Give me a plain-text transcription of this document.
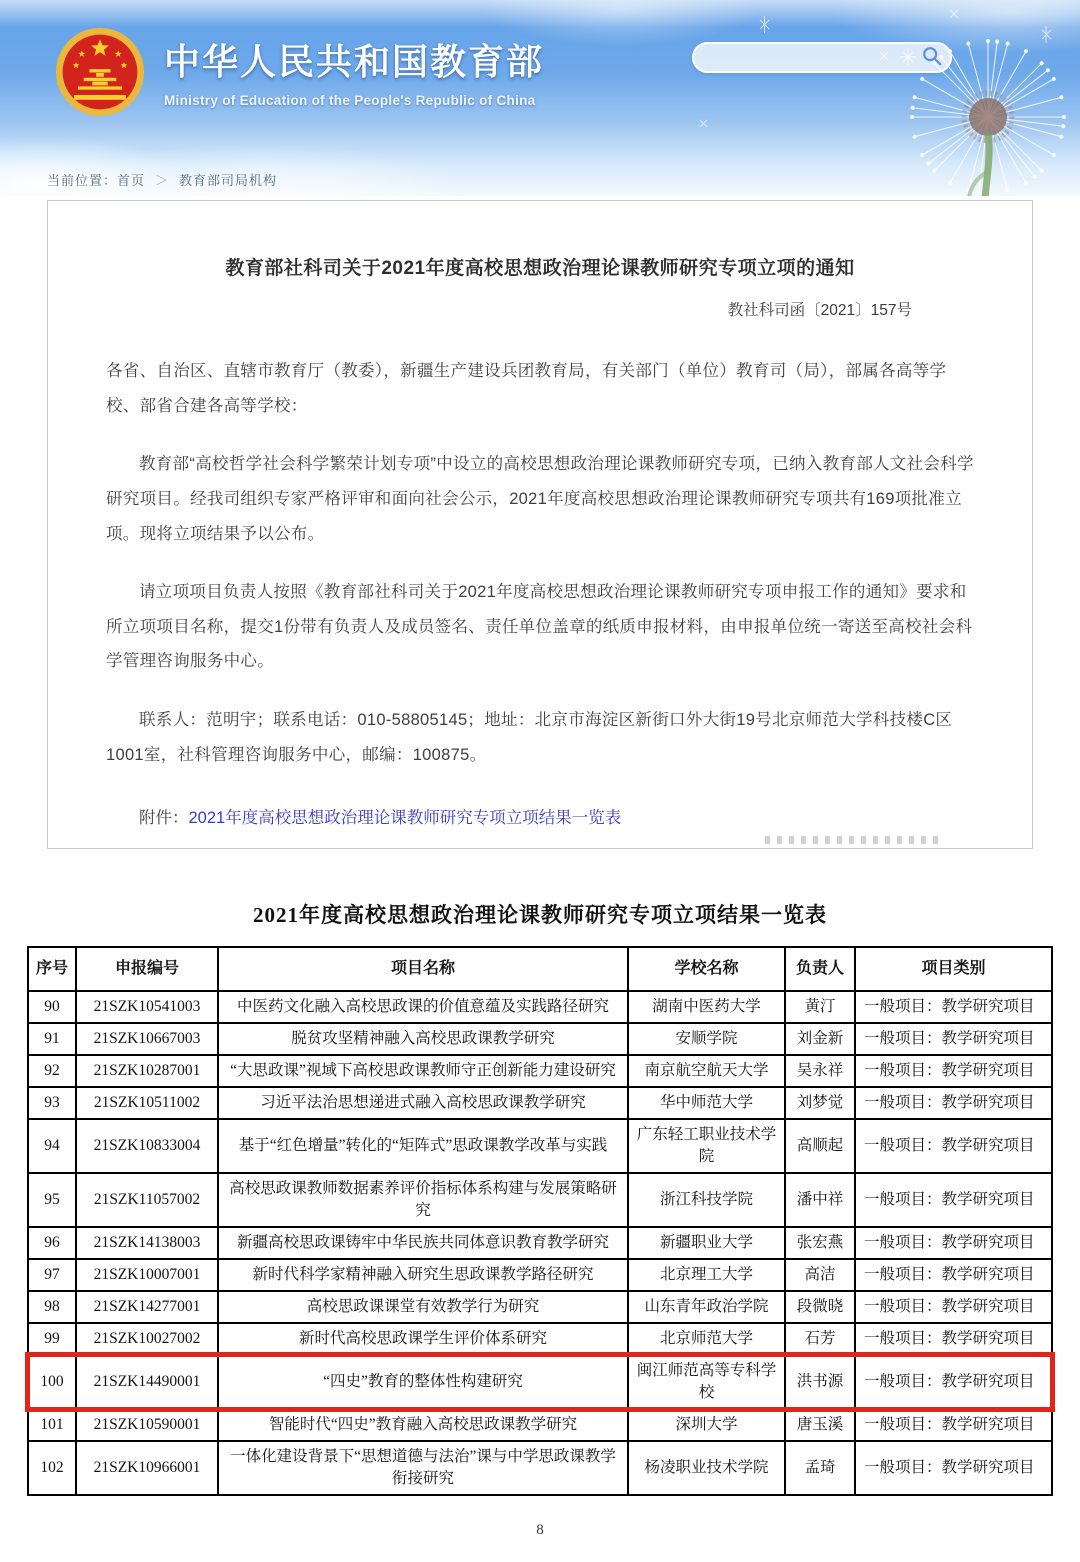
中华人民共和国教育部
Ministry of Education of the People's Republic of China
当前位置：首页 ＞ 教育部司局机构
教育部社科司关于2021年度高校思想政治理论课教师研究专项立项的通知
教社科司函〔2021〕157号
各省、自治区、直辖市教育厅（教委），新疆生产建设兵团教育局，有关部门（单位）教育司（局），部属各高等学校、部省合建各高等学校：

教育部“高校哲学社会科学繁荣计划专项”中设立的高校思想政治理论课教师研究专项，已纳入教育部人文社会科学研究项目。经我司组织专家严格评审和面向社会公示，2021年度高校思想政治理论课教师研究专项共有169项批准立项。现将立项结果予以公布。

请立项项目负责人按照《教育部社科司关于2021年度高校思想政治理论课教师研究专项申报工作的通知》要求和所立项项目名称，提交1份带有负责人及成员签名、责任单位盖章的纸质申报材料，由申报单位统一寄送至高校社会科学管理咨询服务中心。

联系人：范明宇；联系电话：010-58805145；地址：北京市海淀区新街口外大街19号北京师范大学科技楼C区1001室，社科管理咨询服务中心，邮编：100875。

附件：2021年度高校思想政治理论课教师研究专项立项结果一览表
2021年度高校思想政治理论课教师研究专项立项结果一览表
序号	申报编号	项目名称	学校名称	负责人	项目类别
90	21SZK10541003	中医药文化融入高校思政课的价值意蕴及实践路径研究	湖南中医药大学	黄汀	一般项目：教学研究项目
91	21SZK10667003	脱贫攻坚精神融入高校思政课教学研究	安顺学院	刘金新	一般项目：教学研究项目
92	21SZK10287001	“大思政课”视域下高校思政课教师守正创新能力建设研究	南京航空航天大学	吴永祥	一般项目：教学研究项目
93	21SZK10511002	习近平法治思想递进式融入高校思政课教学研究	华中师范大学	刘梦觉	一般项目：教学研究项目
94	21SZK10833004	基于“红色增量”转化的“矩阵式”思政课教学改革与实践	广东轻工职业技术学院	高顺起	一般项目：教学研究项目
95	21SZK11057002	高校思政课教师数据素养评价指标体系构建与发展策略研究	浙江科技学院	潘中祥	一般项目：教学研究项目
96	21SZK14138003	新疆高校思政课铸牢中华民族共同体意识教育教学研究	新疆职业大学	张宏燕	一般项目：教学研究项目
97	21SZK10007001	新时代科学家精神融入研究生思政课教学路径研究	北京理工大学	高洁	一般项目：教学研究项目
98	21SZK14277001	高校思政课课堂有效教学行为研究	山东青年政治学院	段微晓	一般项目：教学研究项目
99	21SZK10027002	新时代高校思政课学生评价体系研究	北京师范大学	石芳	一般项目：教学研究项目
100	21SZK14490001	“四史”教育的整体性构建研究	闽江师范高等专科学校	洪书源	一般项目：教学研究项目
101	21SZK10590001	智能时代“四史”教育融入高校思政课教学研究	深圳大学	唐玉溪	一般项目：教学研究项目
102	21SZK10966001	一体化建设背景下“思想道德与法治”课与中学思政课教学衔接研究	杨凌职业技术学院	孟琦	一般项目：教学研究项目
8
